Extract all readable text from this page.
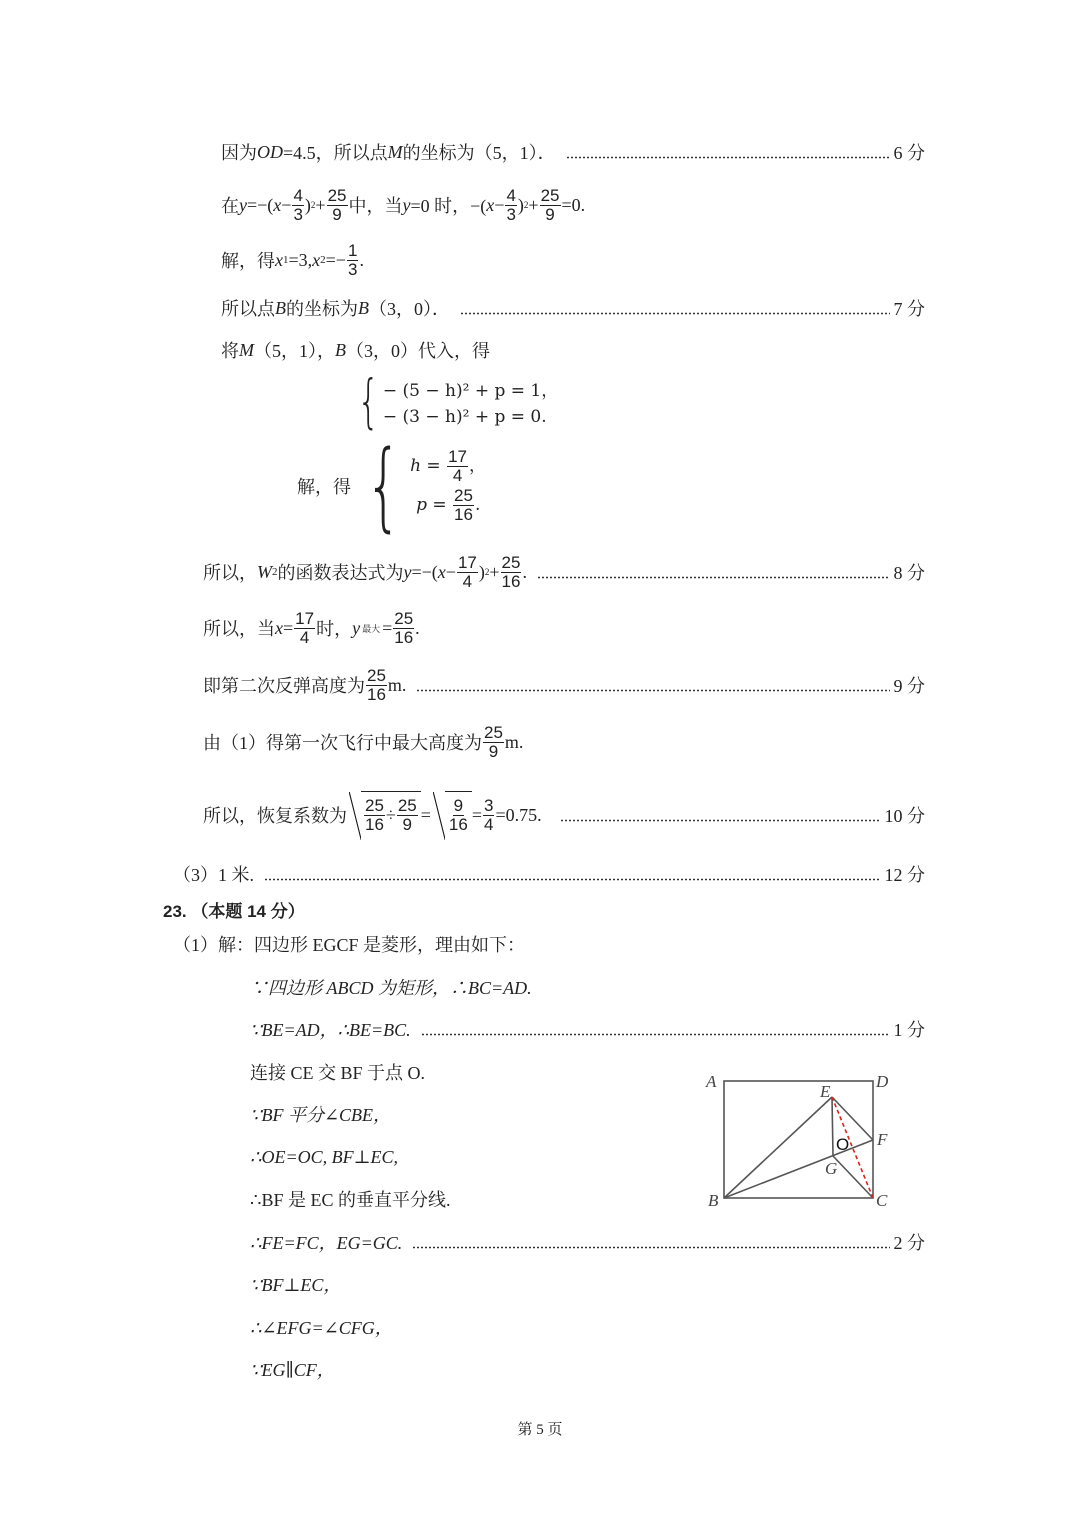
因为 OD =4.5，所以点 M 的坐标为（5，1）．	6 分
在 y =−( $x - \frac{4}{3}$ ) $2 + \frac{25}{9}$ 中，当 y =0 时，−( $x - \frac{4}{3}$ ) $2 + \frac{25}{9} =0$.
解，得 x 1 =3, x $2 =- \frac{1}{3}$ .
所以点 B 的坐标为 B （3，0）．	7 分
将 M （5，1）， B （3，0）代入，得
{ − (5 − h)² + p = 1，
− (3 − h)² + p = 0.
解，得 { $h = \frac{17}{4}$ ，
$p = \frac{25}{16}$ .
所以， W 2 的函数表达式为 y =−( $x - \frac{17}{4}$ ) $2 + \frac{25}{16}$ .	8 分
所以，当 $x = \frac{17}{4}$ 时， y 最大 = $\frac{25}{16}$ .
即第二次反弹高度为 $\frac{25}{16} m$.	9 分
由（1）得第一次飞行中最大高度为 $\frac{25}{9} m$.
所以，恢复系数为 $\frac{25}{16} \div \frac{25}{9} = \frac{9}{16} = \frac{3}{4} =0.75$.	10 分
（3）1 米.	12 分
23. （本题 14 分）
（1）解：四边形 EGCF 是菱形，理由如下：
∵四边形 ABCD 为矩形，∴BC=AD.
∵BE=AD，∴BE=BC.	1 分
连接 CE 交 BF 于点 O.
∵BF 平分∠CBE，
∴OE=OC, BF⊥EC,
∴BF 是 EC 的垂直平分线.
∴FE=FC，EG=GC.	2 分
∵BF⊥EC，
∴∠EFG=∠CFG，
∵EG∥CF，
A	D
B	C
E
F
G
O
第 5 页
